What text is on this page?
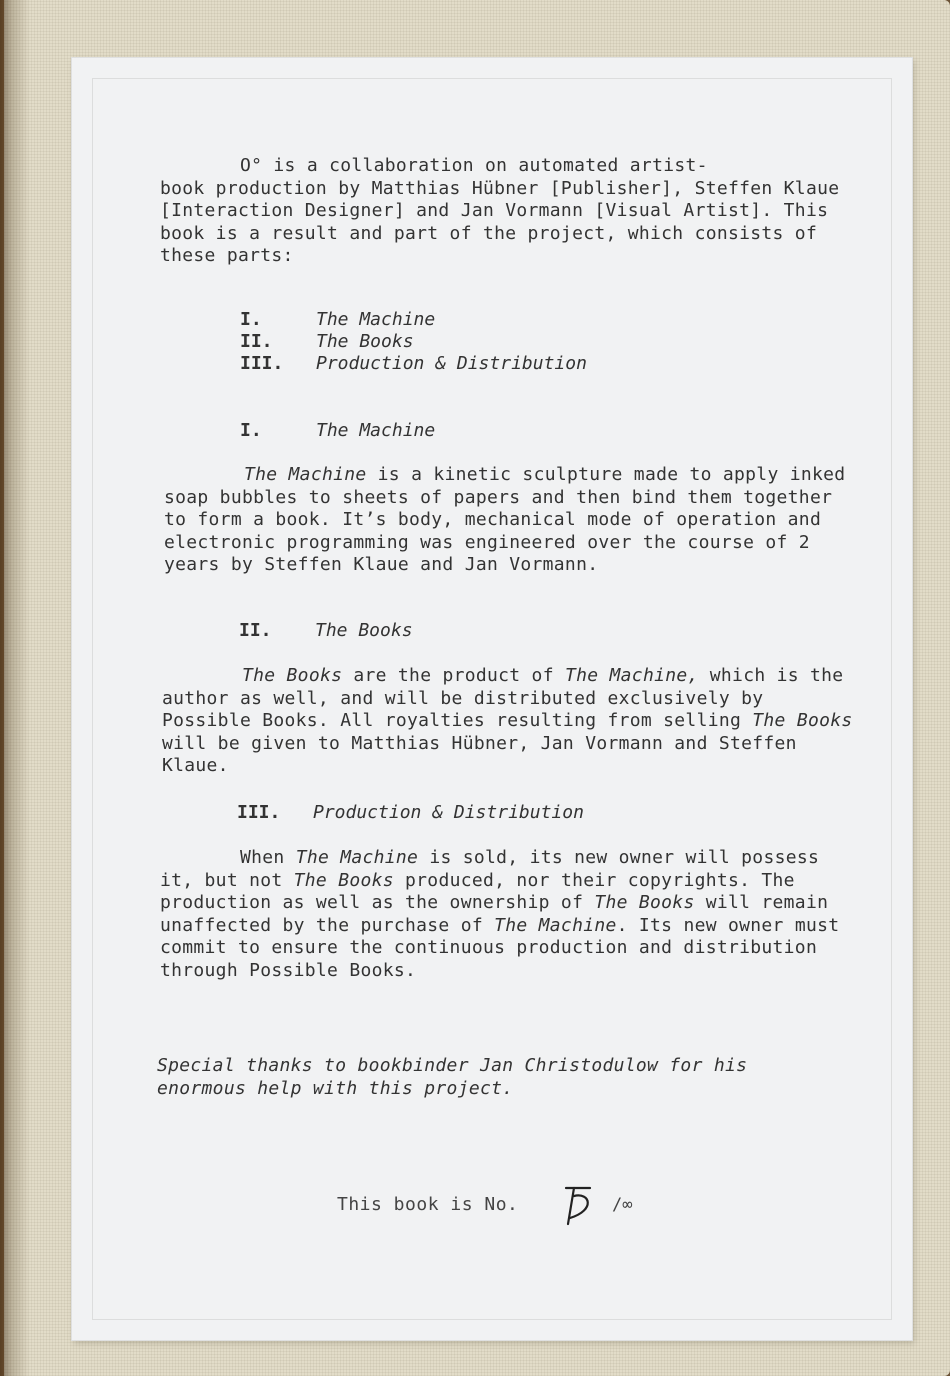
O° is a collaboration on automated artist-
book production by Matthias Hübner [Publisher], Steffen Klaue [Interaction Designer] and Jan Vormann [Visual Artist]. This book is a result and part of the project, which consists of these parts:
I.	The Machine
II. The Books
III. Production & Distribution
I.	The Machine
The Machine is a kinetic sculpture made to apply inked soap bubbles to sheets of papers and then bind them together to form a book. It’s body, mechanical mode of operation and electronic programming was engineered over the course of 2 years by Steffen Klaue and Jan Vormann.
II. The Books
The Books are the product of The Machine, which is the author as well, and will be distributed exclusively by Possible Books. All royalties resulting from selling The Books will be given to Matthias Hübner, Jan Vormann and Steffen Klaue.
III. Production & Distribution
When The Machine is sold, its new owner will possess it, but not The Books produced, nor their copyrights. The production as well as the ownership of The Books will remain unaffected by the purchase of The Machine. Its new owner must commit to ensure the continuous production and distribution through Possible Books.
Special thanks to bookbinder Jan Christodulow for his enormous help with this project.
This book is No.	/∞
